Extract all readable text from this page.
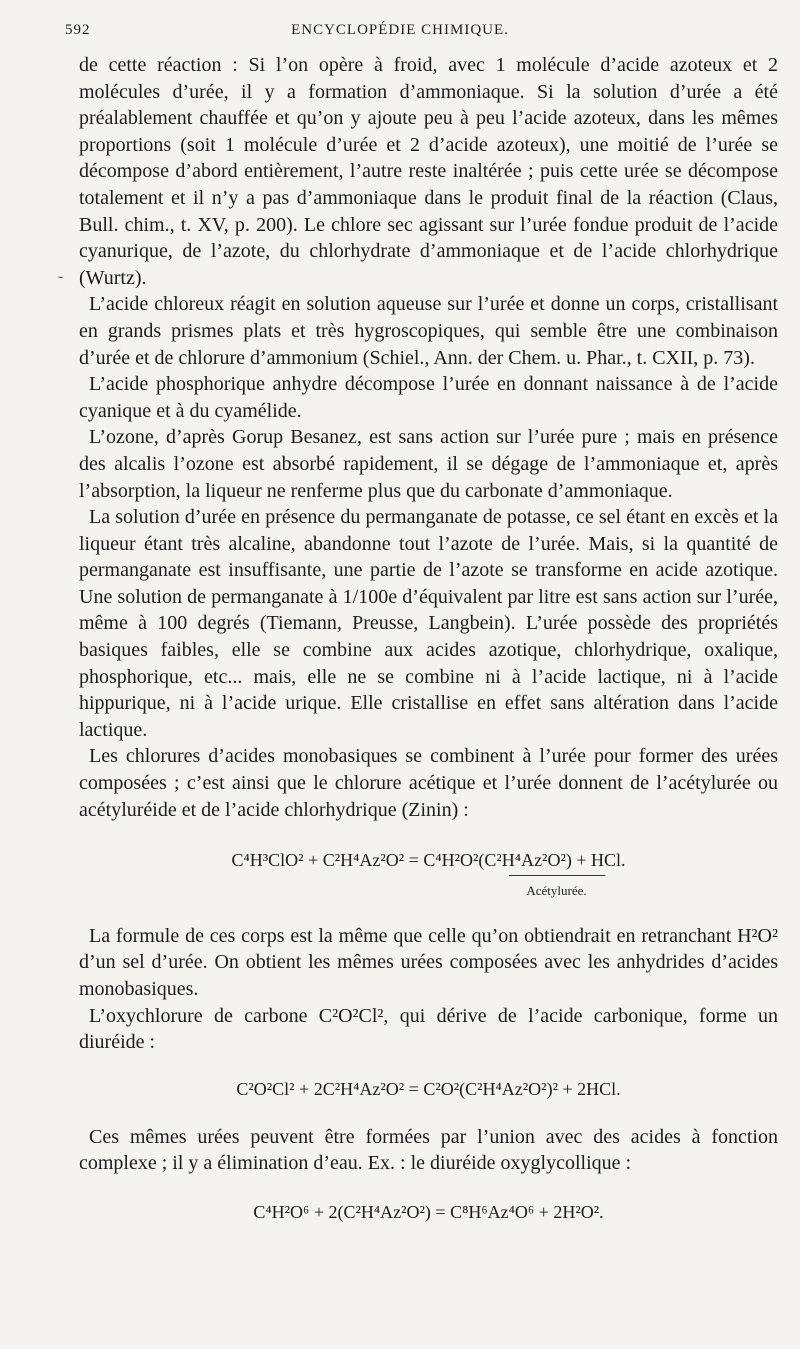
592	ENCYCLOPÉDIE CHIMIQUE.
-

de cette réaction : Si l’on opère à froid, avec 1 molécule d’acide azoteux et 2 molécules d’urée, il y a formation d’ammoniaque. Si la solution d’urée a été préalablement chauffée et qu’on y ajoute peu à peu l’acide azoteux, dans les mêmes proportions (soit 1 molécule d’urée et 2 d’acide azoteux), une moitié de l’urée se décompose d’abord entièrement, l’autre reste inaltérée ; puis cette urée se décompose totalement et il n’y a pas d’ammoniaque dans le produit final de la réaction (Claus, Bull. chim., t. XV, p. 200). Le chlore sec agissant sur l’urée fondue produit de l’acide cyanurique, de l’azote, du chlorhydrate d’ammoniaque et de l’acide chlorhydrique (Wurtz).

L’acide chloreux réagit en solution aqueuse sur l’urée et donne un corps, cristallisant en grands prismes plats et très hygroscopiques, qui semble être une combinaison d’urée et de chlorure d’ammonium (Schiel., Ann. der Chem. u. Phar., t. CXII, p. 73).

L’acide phosphorique anhydre décompose l’urée en donnant naissance à de l’acide cyanique et à du cyamélide.

L’ozone, d’après Gorup Besanez, est sans action sur l’urée pure ; mais en présence des alcalis l’ozone est absorbé rapidement, il se dégage de l’ammoniaque et, après l’absorption, la liqueur ne renferme plus que du carbonate d’ammoniaque.

La solution d’urée en présence du permanganate de potasse, ce sel étant en excès et la liqueur étant très alcaline, abandonne tout l’azote de l’urée. Mais, si la quantité de permanganate est insuffisante, une partie de l’azote se transforme en acide azotique. Une solution de permanganate à 1/100e d’équivalent par litre est sans action sur l’urée, même à 100 degrés (Tiemann, Preusse, Langbein). L’urée possède des propriétés basiques faibles, elle se combine aux acides azotique, chlorhydrique, oxalique, phosphorique, etc... mais, elle ne se combine ni à l’acide lactique, ni à l’acide hippurique, ni à l’acide urique. Elle cristallise en effet sans altération dans l’acide lactique.

Les chlorures d’acides monobasiques se combinent à l’urée pour former des urées composées ; c’est ainsi que le chlorure acétique et l’urée donnent de l’acétylurée ou acétyluréide et de l’acide chlorhydrique (Zinin) :

C⁴H³ClO² + C²H⁴Az²O² = C⁴H²O²(C²H⁴Az²O²) + HCl.
Acétylurée.

La formule de ces corps est la même que celle qu’on obtiendrait en retranchant H²O² d’un sel d’urée. On obtient les mêmes urées composées avec les anhydrides d’acides monobasiques.

L’oxychlorure de carbone C²O²Cl², qui dérive de l’acide carbonique, forme un diuréide :

C²O²Cl² + 2C²H⁴Az²O² = C²O²(C²H⁴Az²O²)² + 2HCl.

Ces mêmes urées peuvent être formées par l’union avec des acides à fonction complexe ; il y a élimination d’eau. Ex. : le diuréide oxyglycollique :

C⁴H²O⁶ + 2(C²H⁴Az²O²) = C⁸H⁶Az⁴O⁶ + 2H²O².
